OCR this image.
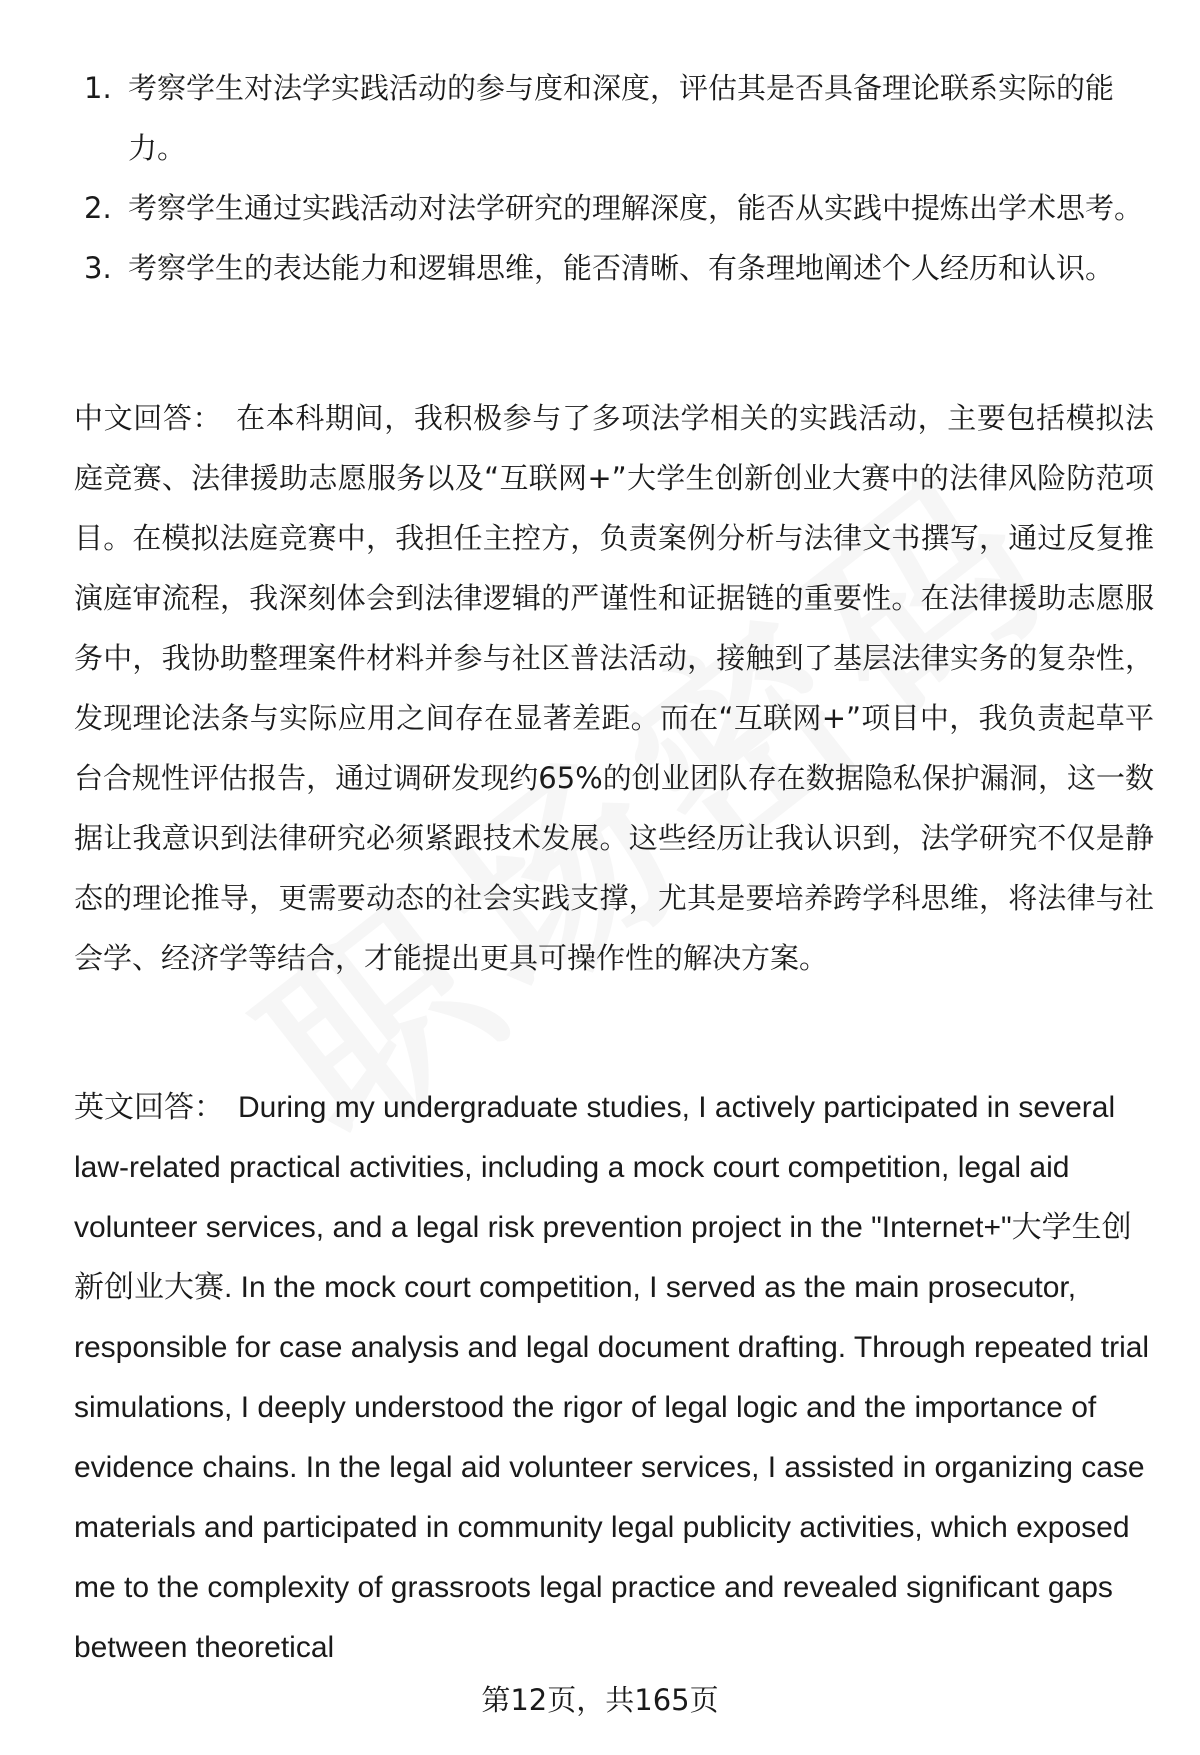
1. 考察学生对法学实践活动的参与度和深度，评估其是否具备理论联系实际的能力。
2. 考察学生通过实践活动对法学研究的理解深度，能否从实践中提炼出学术思考。
3. 考察学生的表达能力和逻辑思维，能否清晰、有条理地阐述个人经历和认识。

中文回答： 在本科期间，我积极参与了多项法学相关的实践活动，主要包括模拟法庭竞赛、法律援助志愿服务以及“互联网+”大学生创新创业大赛中的法律风险防范项目。在模拟法庭竞赛中，我担任主控方，负责案例分析与法律文书撰写，通过反复推演庭审流程，我深刻体会到法律逻辑的严谨性和证据链的重要性。在法律援助志愿服务中，我协助整理案件材料并参与社区普法活动，接触到了基层法律实务的复杂性，发现理论法条与实际应用之间存在显著差距。而在“互联网+”项目中，我负责起草平台合规性评估报告，通过调研发现约65%的创业团队存在数据隐私保护漏洞，这一数据让我意识到法律研究必须紧跟技术发展。这些经历让我认识到，法学研究不仅是静态的理论推导，更需要动态的社会实践支撑，尤其是要培养跨学科思维，将法律与社会学、经济学等结合，才能提出更具可操作性的解决方案。

英文回答： During my undergraduate studies, I actively participated in several law-related practical activities, including a mock court competition, legal aid volunteer services, and a legal risk prevention project in the "Internet+"大学生创新创业大赛. In the mock court competition, I served as the main prosecutor, responsible for case analysis and legal document drafting. Through repeated trial simulations, I deeply understood the rigor of legal logic and the importance of evidence chains. In the legal aid volunteer services, I assisted in organizing case materials and participated in community legal publicity activities, which exposed me to the complexity of grassroots legal practice and revealed significant gaps between theoretical

第12页，共165页
